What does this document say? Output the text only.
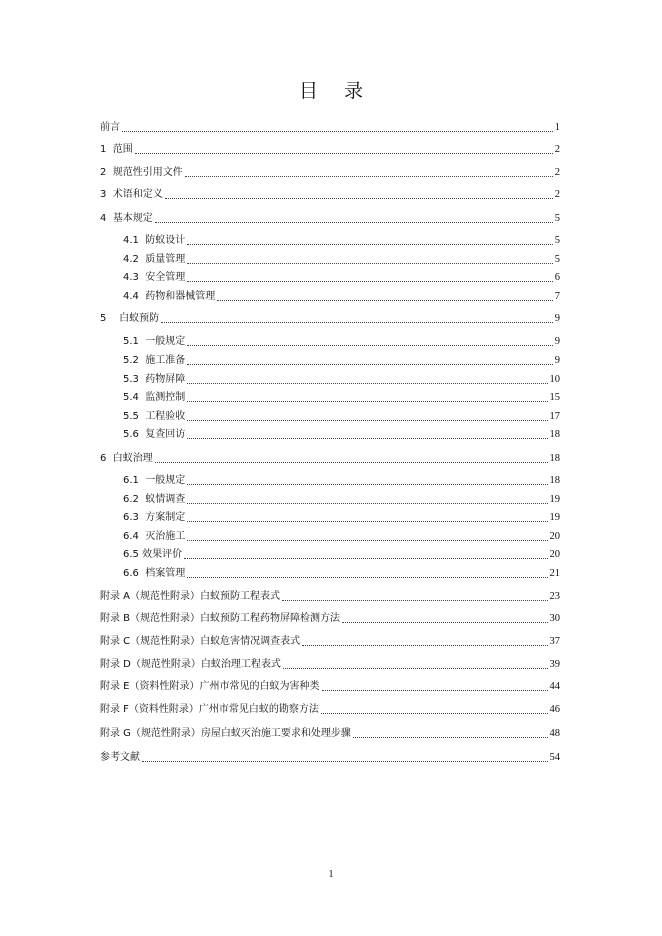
目 录
前言	1
1  范围	2
2  规范性引用文件	2
3  术语和定义	2
4  基本规定	5
4.1  防蚁设计	5
4.2  质量管理	5
4.3  安全管理	6
4.4  药物和器械管理	7
5    白蚁预防	9
5.1  一般规定	9
5.2  施工准备	9
5.3  药物屏障	10
5.4  监测控制	15
5.5  工程验收	17
5.6  复查回访	18
6  白蚁治理	18
6.1  一般规定	18
6.2  蚁情调查	19
6.3  方案制定	19
6.4  灭治施工	20
6.5 效果评价	20
6.6  档案管理	21
附录 A（规范性附录）白蚁预防工程表式	23
附录 B（规范性附录）白蚁预防工程药物屏障检测方法	30
附录 C（规范性附录）白蚁危害情况调查表式	37
附录 D（规范性附录）白蚁治理工程表式	39
附录 E（资料性附录）广州市常见的白蚁为害种类	44
附录 F（资料性附录）广州市常见白蚁的勘察方法	46
附录 G（规范性附录）房屋白蚁灭治施工要求和处理步骤	48
参考文献	54
1
